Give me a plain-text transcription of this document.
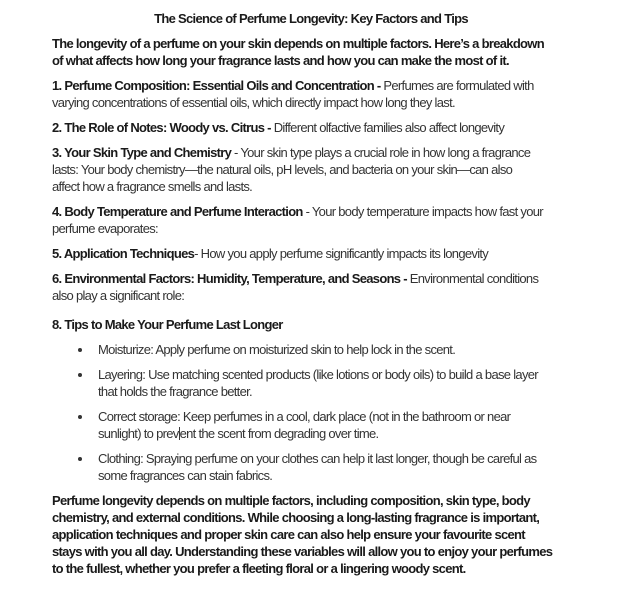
The Science of Perfume Longevity: Key Factors and Tips
The longevity of a perfume on your skin depends on multiple factors. Here’s a breakdown
of what affects how long your fragrance lasts and how you can make the most of it.
1. Perfume Composition: Essential Oils and Concentration - Perfumes are formulated with
varying concentrations of essential oils, which directly impact how long they last.
2. The Role of Notes: Woody vs. Citrus - Different olfactive families also affect longevity
3. Your Skin Type and Chemistry - Your skin type plays a crucial role in how long a fragrance
lasts: Your body chemistry—the natural oils, pH levels, and bacteria on your skin—can also
affect how a fragrance smells and lasts.
4. Body Temperature and Perfume Interaction - Your body temperature impacts how fast your
perfume evaporates:
5. Application Techniques- How you apply perfume significantly impacts its longevity
6. Environmental Factors: Humidity, Temperature, and Seasons - Environmental conditions
also play a significant role:
8. Tips to Make Your Perfume Last Longer
Moisturize: Apply perfume on moisturized skin to help lock in the scent.
Layering: Use matching scented products (like lotions or body oils) to build a base layer
that holds the fragrance better.
Correct storage: Keep perfumes in a cool, dark place (not in the bathroom or near
sunlight) to prevent the scent from degrading over time.
Clothing: Spraying perfume on your clothes can help it last longer, though be careful as
some fragrances can stain fabrics.
Perfume longevity depends on multiple factors, including composition, skin type, body
chemistry, and external conditions. While choosing a long-lasting fragrance is important,
application techniques and proper skin care can also help ensure your favourite scent
stays with you all day. Understanding these variables will allow you to enjoy your perfumes
to the fullest, whether you prefer a fleeting floral or a lingering woody scent.
